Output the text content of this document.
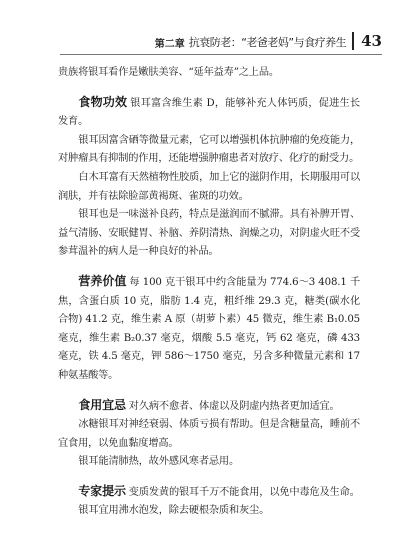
第二章 抗衰防老：“老爸老妈”与食疗养生 43

贵族将银耳看作是嫩肤美容、“延年益寿”之上品。

食物功效 银耳富含维生素 D，能够补充人体钙质，促进生长发育。

银耳因富含硒等微量元素，它可以增强机体抗肿瘤的免疫能力，对肿瘤具有抑制的作用，还能增强肿瘤患者对放疗、化疗的耐受力。

白木耳富有天然植物性胶质，加上它的滋阴作用，长期服用可以润肤，并有祛除脸部黄褐斑、雀斑的功效。

银耳也是一味滋补良药，特点是滋润而不腻滞。具有补脾开胃、益气清肠、安眠健胃、补脑、养阴清热、润燥之功，对阴虚火旺不受参茸温补的病人是一种良好的补品。

营养价值 每 100 克干银耳中约含能量为 774.6～3 408.1 千焦，含蛋白质 10 克，脂肪 1.4 克，粗纤维 29.3 克，糖类(碳水化合物) 41.2 克，维生素 A 原（胡萝卜素）45 微克，维生素 B₁0.05 毫克，维生素 B₂0.37 毫克，烟酸 5.5 毫克，钙 62 毫克，磷 433 毫克，铁 4.5 毫克，钾 586～1750 毫克，另含多种微量元素和 17 种氨基酸等。

食用宜忌 对久病不愈者、体虚以及阴虚内热者更加适宜。

冰糖银耳对神经衰弱、体质亏损有帮助。但是含糖量高，睡前不宜食用，以免血黏度增高。

银耳能清肺热，故外感风寒者忌用。

专家提示 变质发黄的银耳千万不能食用，以免中毒危及生命。

银耳宜用沸水泡发，除去硬根杂质和灰尘。
